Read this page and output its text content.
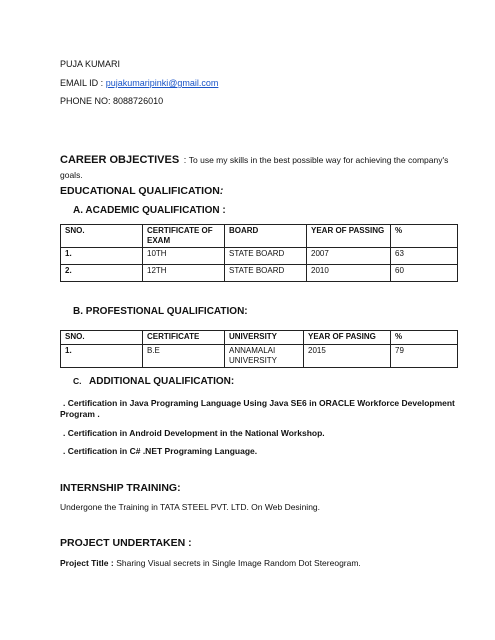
PUJA KUMARI
EMAIL ID : pujakumaripinki@gmail.com
PHONE NO: 8088726010
CAREER OBJECTIVES : To use my skills in the best possible way for achieving the company's
goals.
EDUCATIONAL QUALIFICATION:
A. ACADEMIC QUALIFICATION :
SNO.	CERTIFICATE OF EXAM	BOARD	YEAR OF PASSING	%
1.	10TH	STATE BOARD	2007	63
2.	12TH	STATE BOARD	2010	60
B. PROFESTIONAL QUALIFICATION:
SNO.	CERTIFICATE	UNIVERSITY	YEAR OF PASING	%
1.	B.E	ANNAMALAI UNIVERSITY	2015	79
C. ADDITIONAL QUALIFICATION:
. Certification in Java Programing Language Using Java SE6 in ORACLE Workforce Development
Program .
. Certification in Android Development in the National Workshop.
. Certification in C# .NET Programing Language.
INTERNSHIP TRAINING:
Undergone the Training in TATA STEEL PVT. LTD. On Web Desining.
PROJECT UNDERTAKEN :
Project Title : Sharing Visual secrets in Single Image Random Dot Stereogram.
